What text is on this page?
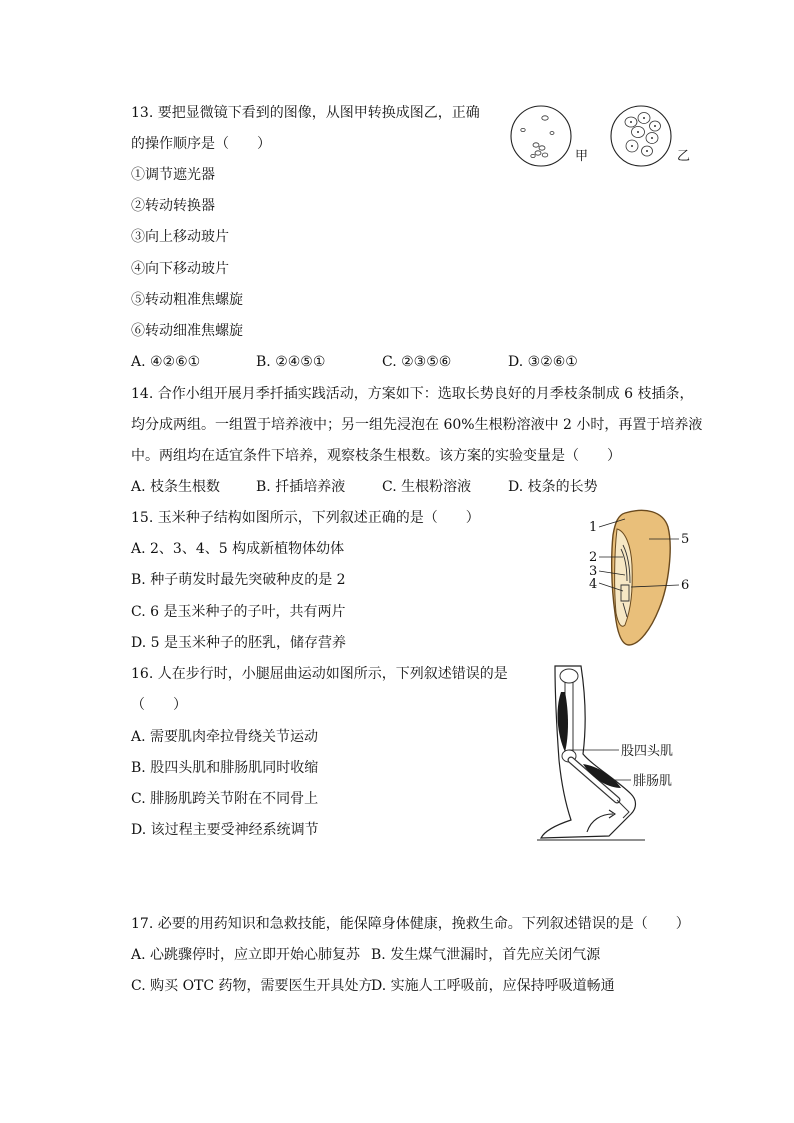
13. 要把显微镜下看到的图像，从图甲转换成图乙，正确
的操作顺序是（　　）
①调节遮光器
②转动转换器
③向上移动玻片
④向下移动玻片
⑤转动粗准焦螺旋
⑥转动细准焦螺旋
A. ④②⑥①	B. ②④⑤①	C. ②③⑤⑥	D. ③②⑥①
甲	乙
14. 合作小组开展月季扦插实践活动，方案如下：选取长势良好的月季枝条制成 6 枝插条，
均分成两组。一组置于培养液中；另一组先浸泡在 60%生根粉溶液中 2 小时，再置于培养液
中。两组均在适宜条件下培养，观察枝条生根数。该方案的实验变量是（　　）
A. 枝条生根数	B. 扦插培养液	C. 生根粉溶液	D. 枝条的长势
15. 玉米种子结构如图所示，下列叙述正确的是（　　）
A. 2、3、4、5 构成新植物体幼体
B. 种子萌发时最先突破种皮的是 2
C. 6 是玉米种子的子叶，共有两片
D. 5 是玉米种子的胚乳，储存营养
1
2
3
4
5
6
16. 人在步行时，小腿屈曲运动如图所示，下列叙述错误的是
（　　）
A. 需要肌肉牵拉骨绕关节运动
B. 股四头肌和腓肠肌同时收缩
C. 腓肠肌跨关节附在不同骨上
D. 该过程主要受神经系统调节
股四头肌
腓肠肌
17. 必要的用药知识和急救技能，能保障身体健康，挽救生命。下列叙述错误的是（　　）
A. 心跳骤停时，应立即开始心肺复苏 B. 发生煤气泄漏时，首先应关闭气源
C. 购买 OTC 药物，需要医生开具处方
D. 实施人工呼吸前，应保持呼吸道畅通
